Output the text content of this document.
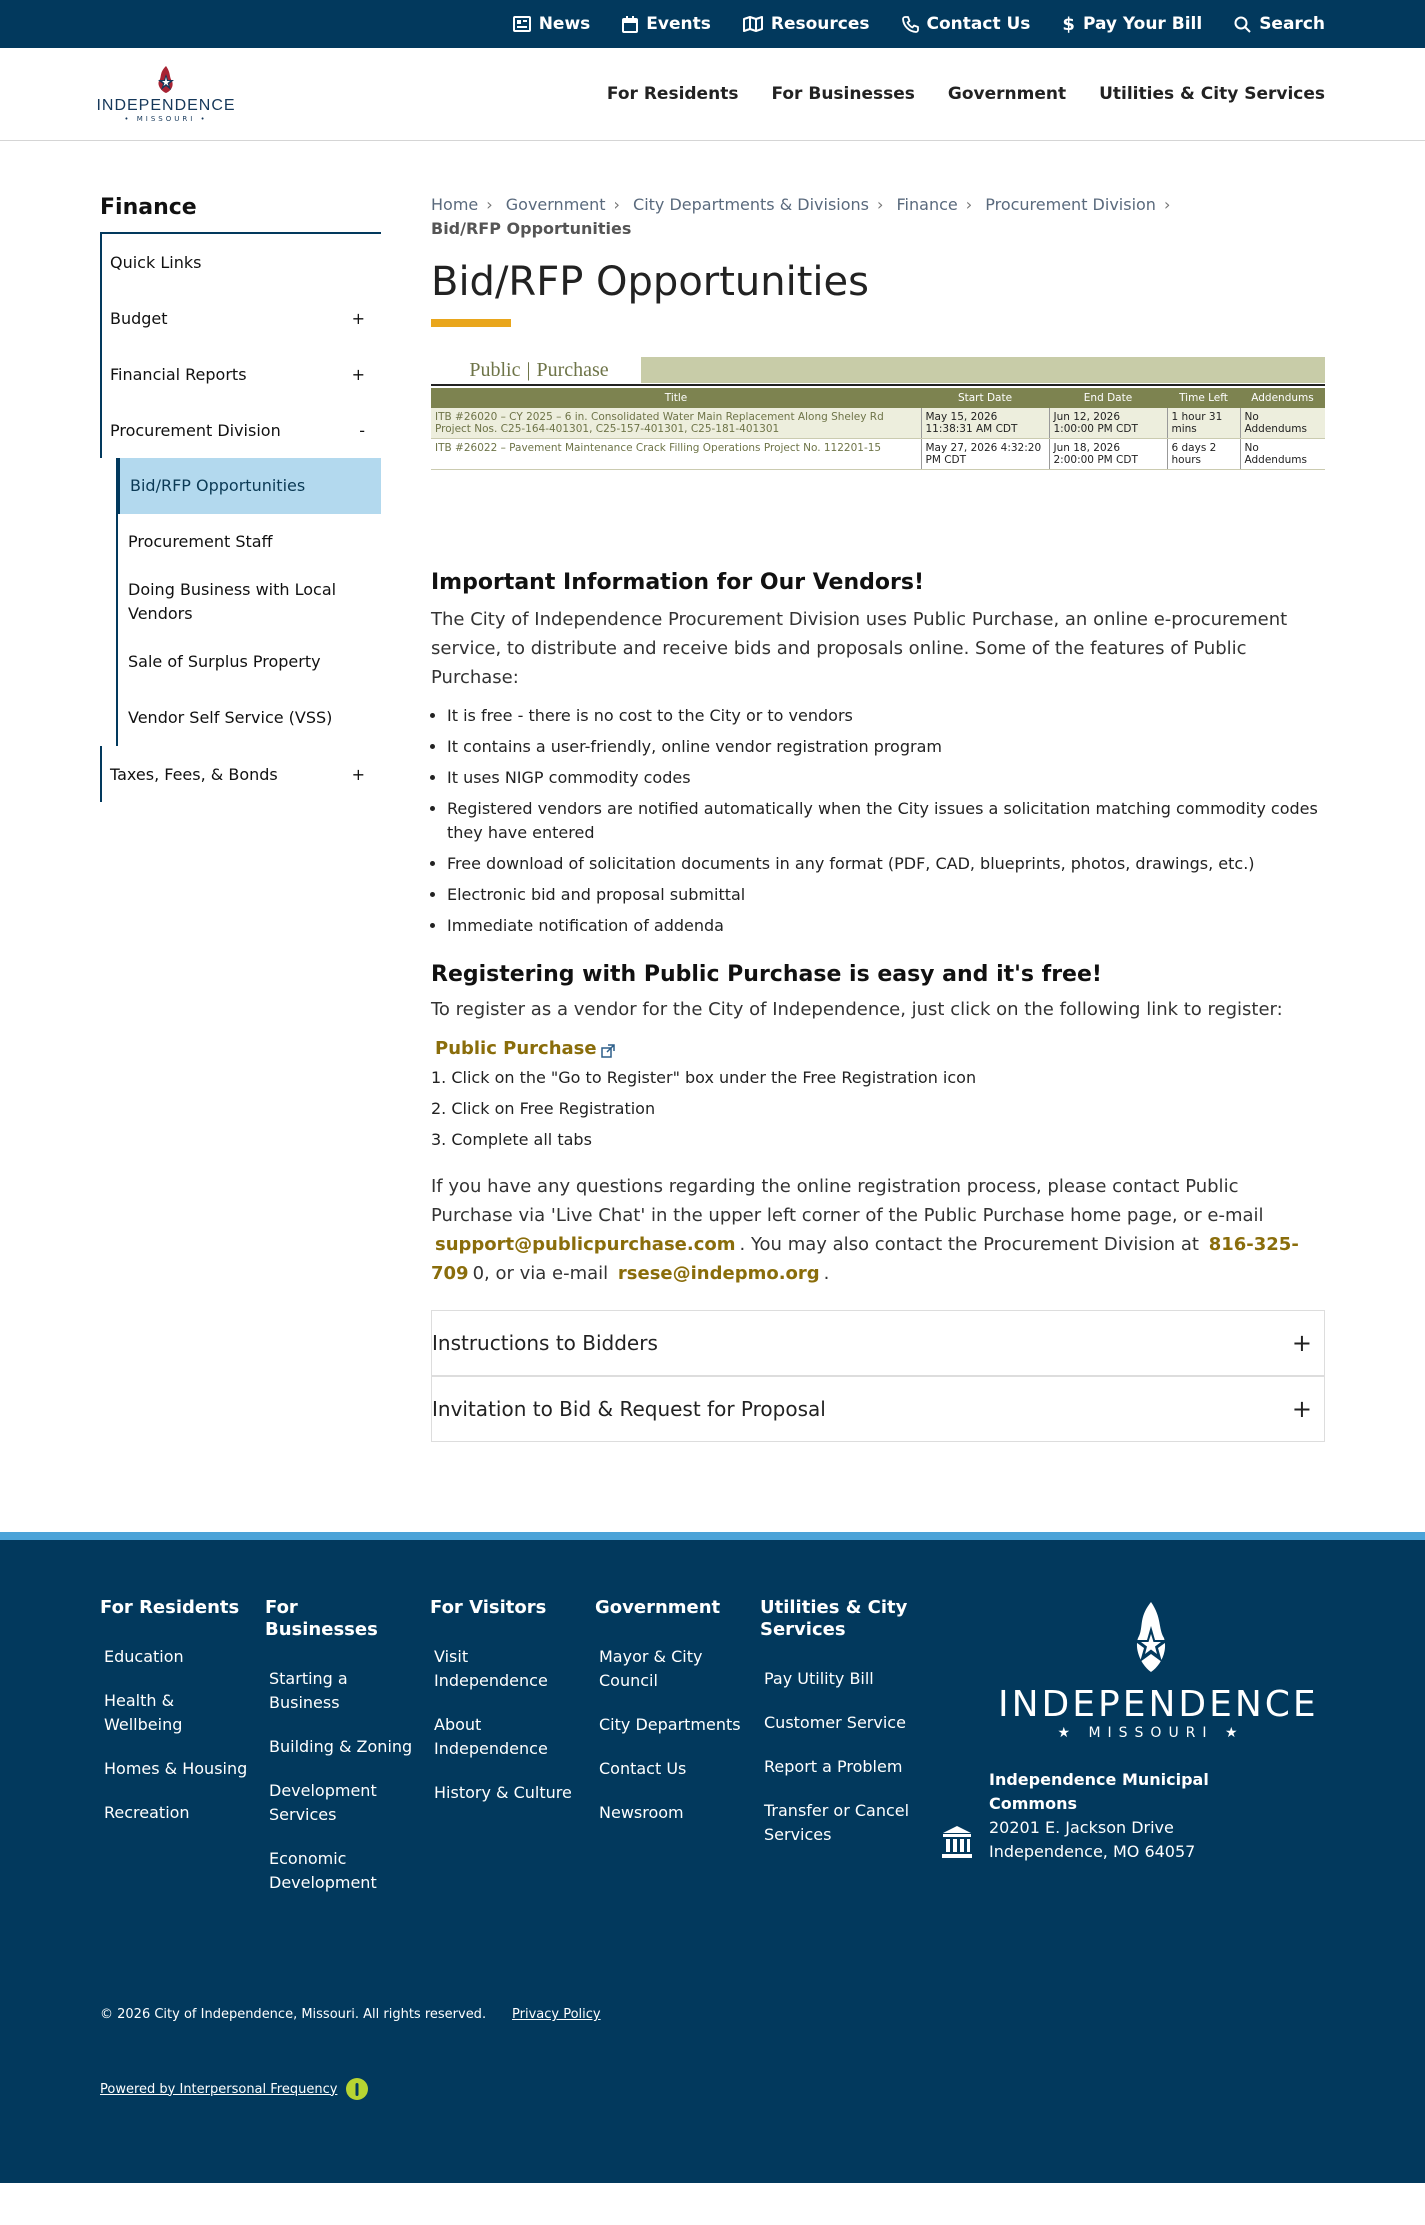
News	Events	Resources	Contact Us $ Pay Your Bill	Search
INDEPENDENCE
• MISSOURI •
For Residents For Businesses Government Utilities & City Services
Finance
Quick Links
Budget	+
Financial Reports	+
Procurement Division	-
Bid/RFP Opportunities
Procurement Staff
Doing Business with Local Vendors
Sale of Surplus Property
Vendor Self Service (VSS)
Taxes, Fees, & Bonds	+
Home › Government › City Departments & Divisions › Finance › Procurement Division ›
Bid/RFP Opportunities
Bid/RFP Opportunities
Public | Purchase
Title	Start Date	End Date	Time Left	Addendums
ITB #26020 – CY 2025 – 6 in. Consolidated Water Main Replacement Along Sheley Rd Project Nos. C25-164-401301, C25-157-401301, C25-181-401301	May 15, 2026 11:38:31 AM CDT	Jun 12, 2026 1:00:00 PM CDT	1 hour 31 mins	No Addendums
ITB #26022 – Pavement Maintenance Crack Filling Operations Project No. 112201-15	May 27, 2026 4:32:20 PM CDT	Jun 18, 2026 2:00:00 PM CDT	6 days 2 hours	No Addendums
Important Information for Our Vendors!

The City of Independence Procurement Division uses Public Purchase, an online e-procurement service, to distribute and receive bids and proposals online. Some of the features of Public Purchase:

• It is free - there is no cost to the City or to vendors
• It contains a user-friendly, online vendor registration program
• It uses NIGP commodity codes
• Registered vendors are notified automatically when the City issues a solicitation matching commodity codes they have entered
• Free download of solicitation documents in any format (PDF, CAD, blueprints, photos, drawings, etc.)
• Electronic bid and proposal submittal
• Immediate notification of addenda
Registering with Public Purchase is easy and it's free!

To register as a vendor for the City of Independence, just click on the following link to register:

Public Purchase
1. Click on the "Go to Register" box under the Free Registration icon
2. Click on Free Registration
3. Complete all tabs

If you have any questions regarding the online registration process, please contact Public Purchase via 'Live Chat' in the upper left corner of the Public Purchase home page, or e-mail support@publicpurchase.com . You may also contact the Procurement Division at 816-325-709 0, or via e-mail rsese@indepmo.org .

Instructions to Bidders	+
Invitation to Bid & Request for Proposal	+
For Residents
Education
Health & Wellbeing
Homes & Housing
Recreation
For Businesses
Starting a Business
Building & Zoning
Development Services
Economic Development
For Visitors
Visit Independence
About Independence
History & Culture
Government
Mayor & City Council
City Departments
Contact Us
Newsroom
Utilities & City Services
Pay Utility Bill
Customer Service
Report a Problem
Transfer or Cancel Services
INDEPENDENCE
★ MISSOURI ★
Independence Municipal Commons
20201 E. Jackson Drive
Independence, MO 64057
© 2026 City of Independence, Missouri. All rights reserved. Privacy Policy
Powered by Interpersonal Frequency
